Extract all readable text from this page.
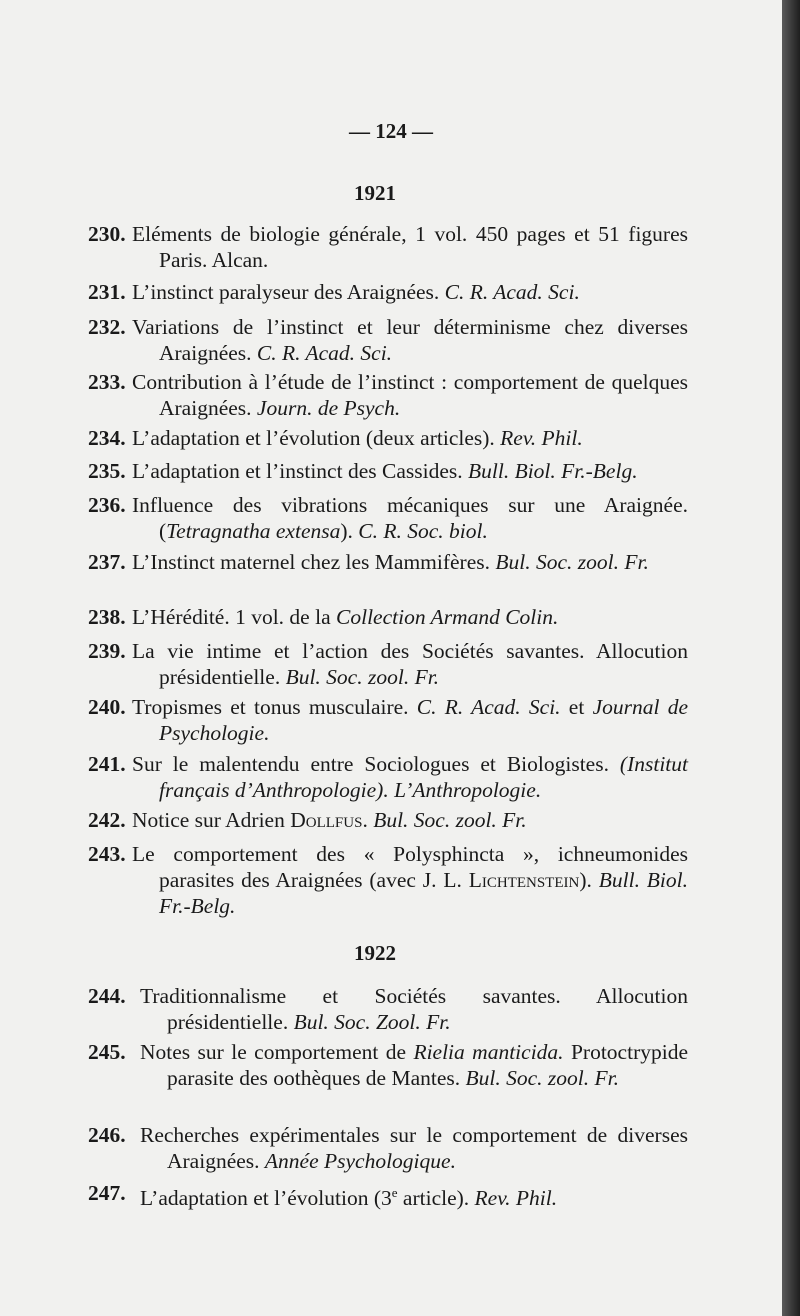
— 124 —
1921
230. Eléments de biologie générale, 1 vol. 450 pages et 51 figures Paris. Alcan.
231. L’instinct paralyseur des Araignées. C. R. Acad. Sci.
232. Variations de l’instinct et leur déterminisme chez diverses Araignées. C. R. Acad. Sci.
233. Contribution à l’étude de l’instinct : comportement de quelques Araignées. Journ. de Psych.
234. L’adaptation et l’évolution (deux articles). Rev. Phil.
235. L’adaptation et l’instinct des Cassides. Bull. Biol. Fr.-Belg.
236. Influence des vibrations mécaniques sur une Araignée. (Tetragnatha extensa). C. R. Soc. biol.
237. L’Instinct maternel chez les Mammifères. Bul. Soc. zool. Fr.
238. L’Hérédité. 1 vol. de la Collection Armand Colin.
239. La vie intime et l’action des Sociétés savantes. Allocution présidentielle. Bul. Soc. zool. Fr.
240. Tropismes et tonus musculaire. C. R. Acad. Sci. et Journal de Psychologie.
241. Sur le malentendu entre Sociologues et Biologistes. (Institut français d’Anthropologie). L’Anthropologie.
242. Notice sur Adrien Dollfus. Bul. Soc. zool. Fr.
243. Le comportement des « Polysphincta », ichneumonides parasites des Araignées (avec J. L. Lichtenstein). Bull. Biol. Fr.-Belg.
1922
244. Traditionnalisme et Sociétés savantes. Allocution présidentielle. Bul. Soc. Zool. Fr.
245. Notes sur le comportement de Rielia manticida. Protoctrypide parasite des oothèques de Mantes. Bul. Soc. zool. Fr.
246. Recherches expérimentales sur le comportement de diverses Araignées. Année Psychologique.
247. L’adaptation et l’évolution (3e article). Rev. Phil.
